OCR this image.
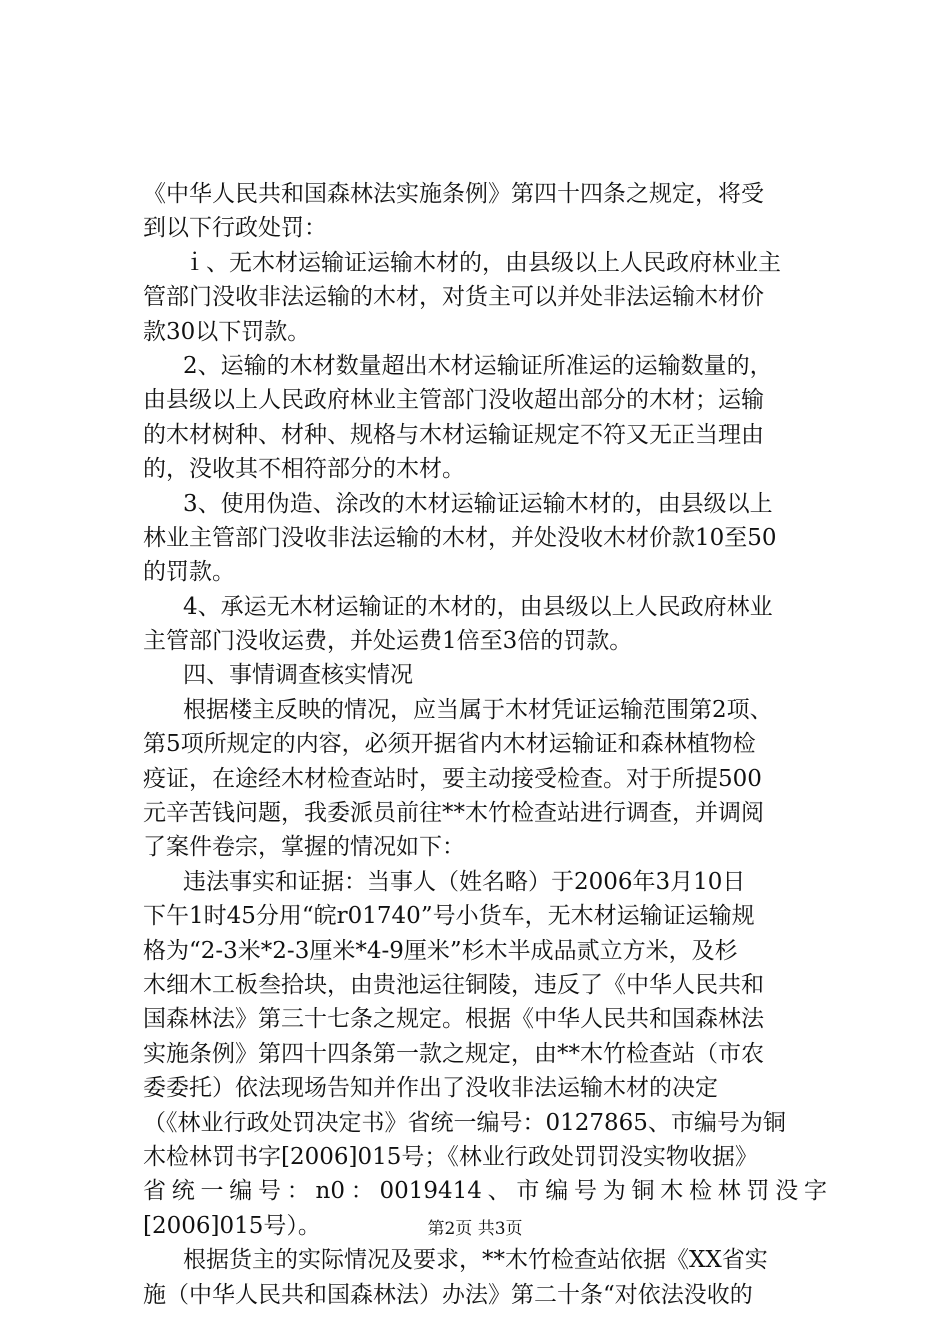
《中华人民共和国森林法实施条例》第四十四条之规定，将受
到以下行政处罚：
ｉ、无木材运输证运输木材的，由县级以上人民政府林业主
管部门没收非法运输的木材，对货主可以并处非法运输木材价
款30以下罚款。
2、运输的木材数量超出木材运输证所准运的运输数量的，
由县级以上人民政府林业主管部门没收超出部分的木材；运输
的木材树种、材种、规格与木材运输证规定不符又无正当理由
的，没收其不相符部分的木材。
3、使用伪造、涂改的木材运输证运输木材的，由县级以上
林业主管部门没收非法运输的木材，并处没收木材价款10至50
的罚款。
4、承运无木材运输证的木材的，由县级以上人民政府林业
主管部门没收运费，并处运费1倍至3倍的罚款。
四、事情调查核实情况
根据楼主反映的情况，应当属于木材凭证运输范围第2项、
第5项所规定的内容，必须开据省内木材运输证和森林植物检
疫证，在途经木材检查站时，要主动接受检查。对于所提500
元辛苦钱问题，我委派员前往**木竹检查站进行调查，并调阅
了案件卷宗，掌握的情况如下：
违法事实和证据：当事人（姓名略）于2006年3月10日
下午1时45分用“皖r01740”号小货车，无木材运输证运输规
格为“2-3米*2-3厘米*4-9厘米”杉木半成品贰立方米，及杉
木细木工板叁拾块，由贵池运往铜陵，违反了《中华人民共和
国森林法》第三十七条之规定。根据《中华人民共和国森林法
实施条例》第四十四条第一款之规定，由**木竹检查站（市农
委委托）依法现场告知并作出了没收非法运输木材的决定
（《林业行政处罚决定书》省统一编号：0127865、市编号为铜
木检林罚书字[2006]015号；《林业行政处罚罚没实物收据》
省统一编号：n0：0019414、市编号为铜木检林罚没字
[2006]015号）。
根据货主的实际情况及要求，**木竹检查站依据《XX省实
施（中华人民共和国森林法）办法》第二十条“对依法没收的
第2页 共3页
